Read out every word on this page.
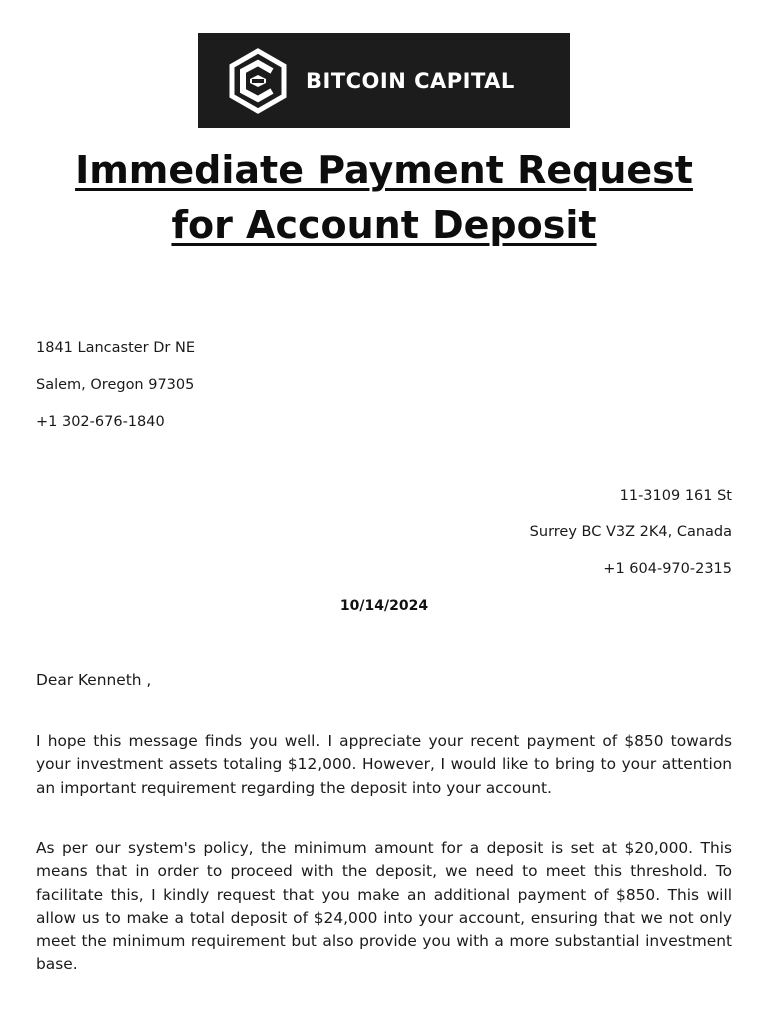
BITCOIN CAPITAL
Immediate Payment Request for Account Deposit
1841 Lancaster Dr NE
Salem, Oregon 97305
+1 302-676-1840
11-3109 161 St
Surrey BC V3Z 2K4, Canada
+1 604-970-2315
10/14/2024
Dear Kenneth ,

I hope this message finds you well. I appreciate your recent payment of $850 towards your investment assets totaling $12,000. However, I would like to bring to your attention an important requirement regarding the deposit into your account.

As per our system's policy, the minimum amount for a deposit is set at $20,000. This means that in order to proceed with the deposit, we need to meet this threshold. To facilitate this, I kindly request that you make an additional payment of $850. This will allow us to make a total deposit of $24,000 into your account, ensuring that we not only meet the minimum requirement but also provide you with a more substantial investment base.
